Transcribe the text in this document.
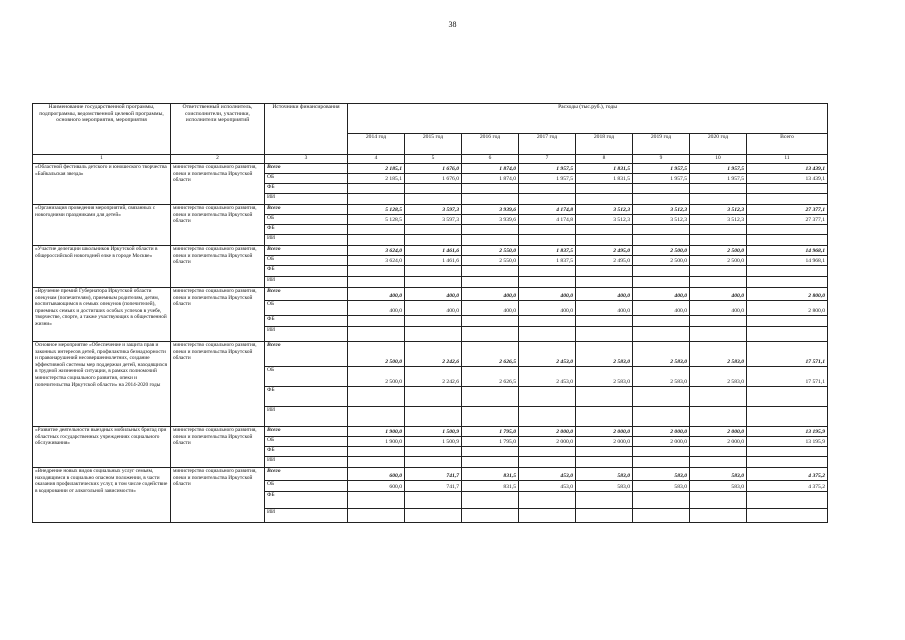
38
Наименование государственной программы, подпрограммы, ведомственной целевой программы, основного мероприятия, мероприятия	Ответственный исполнитель, соисполнители, участники, исполнители мероприятий	Источники финансирования	Расходы (тыс.руб.), годы							
			2014 год	2015 год	2016 год	2017 год	2018 год	2019 год	2020 год	Всего
1	2	3	4	5	6	7	8	9	10	11
«Областной фестиваль детского и юношеского творчества «Байкальская звезда»	министерство социального развития, опеки и попечительства Иркутской области	Всего	2 185,1	1 676,0	1 874,0	1 957,5	1 831,5	1 957,5	1 957,5	13 439,1
		ОБ	2 185,1	1 676,0	1 874,0	1 957,5	1 831,5	1 957,5	1 957,5	13 439,1
		ФБ								
		ИИ								
«Организация проведения мероприятий, связанных с новогодними праздниками для детей»	министерство социального развития, опеки и попечительства Иркутской области	Всего	5 128,5	3 597,3	3 939,6	4 174,8	3 512,3	3 512,3	3 512,3	27 377,1
		ОБ	5 128,5	3 597,3	3 939,6	4 174,8	3 512,3	3 512,3	3 512,3	27 377,1
		ФБ								
		ИИ								
«Участие делегации школьников Иркутской области в общероссийской новогодней елке в городе Москве»	министерство социального развития, опеки и попечительства Иркутской области	Всего	3 624,0	1 461,6	2 550,0	1 837,5	2 495,0	2 500,0	2 500,0	14 968,1
		ОБ	3 624,0	1 461,6	2 550,0	1 837,5	2 495,0	2 500,0	2 500,0	14 968,1
		ФБ								
		ИИ								
«Вручение премий Губернатора Иркутской области опекунам (попечителям), приемным родителям, детям, воспитывающимся в семьях опекунов (попечителей), приемных семьях и достигших особых успехов в учебе, творчестве, спорте, а также участвующих в общественной жизни»	министерство социального развития, опеки и попечительства Иркутской области	Всего	400,0	400,0	400,0	400,0	400,0	400,0	400,0	2 800,0
		ОБ	400,0	400,0	400,0	400,0	400,0	400,0	400,0	2 800,0
		ФБ								
		ИИ								
Основное мероприятие «Обеспечение и защита прав и законных интересов детей, профилактика безнадзорности и правонарушений несовершеннолетних, создание эффективной системы мер поддержки детей, находящихся в трудной жизненной ситуации, в рамках полномочий министерства социального развития, опеки и попечительства Иркутской области» на 2014-2020 годы	министерство социального развития, опеки и попечительства Иркутской области	Всего	2 500,0	2 242,6	2 626,5	2 453,0	2 583,0	2 583,0	2 583,0	17 571,1
		ОБ	2 500,0	2 242,6	2 626,5	2 453,0	2 583,0	2 583,0	2 583,0	17 571,1
		ФБ								
		ИИ								
«Развитие деятельности выездных мобильных бригад при областных государственных учреждениях социального обслуживания»	министерство социального развития, опеки и попечительства Иркутской области	Всего	1 900,0	1 500,9	1 795,0	2 000,0	2 000,0	2 000,0	2 000,0	13 195,9
		ОБ	1 900,0	1 500,9	1 795,0	2 000,0	2 000,0	2 000,0	2 000,0	13 195,9
		ФБ								
		ИИ								
«Внедрение новых видов социальных услуг семьям, находящимся в социально опасном положении, в части оказания профилактических услуг, в том числе содействие в кодировании от алкогольной зависимости»	министерство социального развития, опеки и попечительства Иркутской области	Всего	600,0	741,7	831,5	453,0	583,0	583,0	583,0	4 375,2
		ОБ	600,0	741,7	831,5	453,0	583,0	583,0	583,0	4 375,2
		ФБ								
		ИИ								
